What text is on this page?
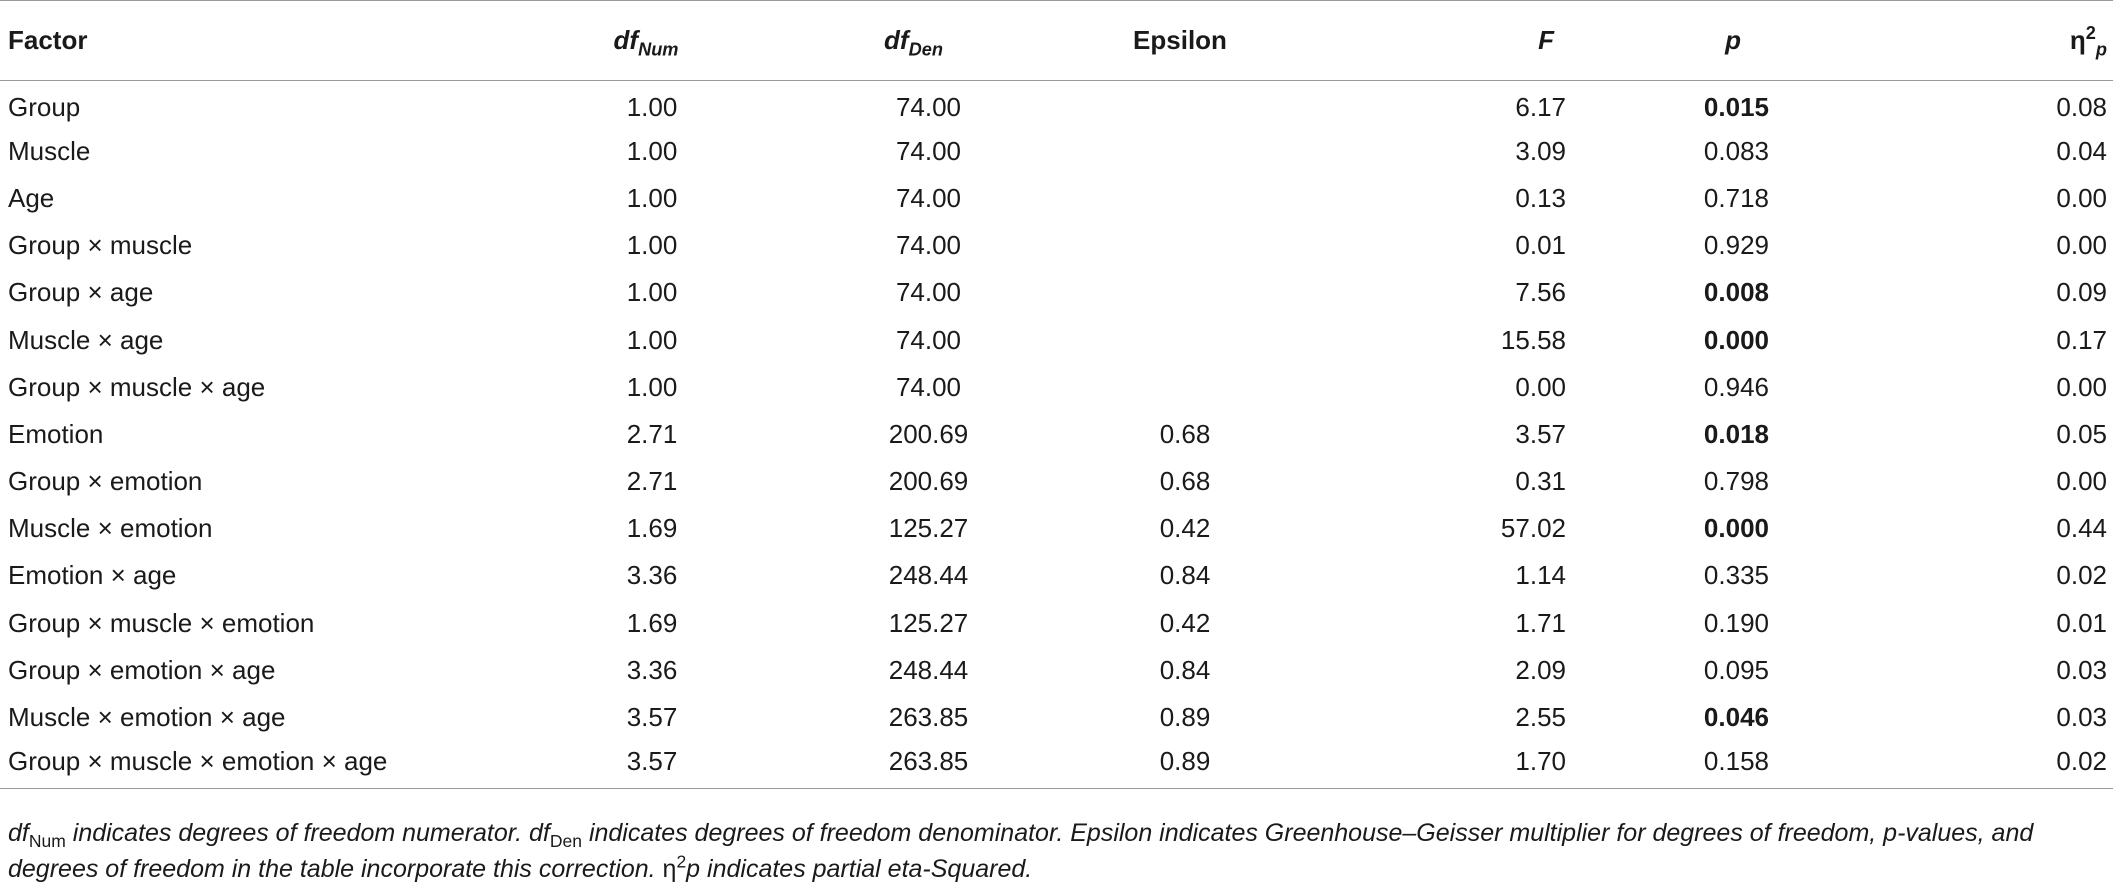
Factor	$df_{Num}$	$df_{Den}$	Epsilon	F	p	$\eta^2_p$
Group	1.00	74.00		6.17	0.015	0.08
Muscle	1.00	74.00		3.09	0.083	0.04
Age	1.00	74.00		0.13	0.718	0.00
Group × muscle	1.00	74.00		0.01	0.929	0.00
Group × age	1.00	74.00		7.56	0.008	0.09
Muscle × age	1.00	74.00		15.58	0.000	0.17
Group × muscle × age	1.00	74.00		0.00	0.946	0.00
Emotion	2.71	200.69	0.68	3.57	0.018	0.05
Group × emotion	2.71	200.69	0.68	0.31	0.798	0.00
Muscle × emotion	1.69	125.27	0.42	57.02	0.000	0.44
Emotion × age	3.36	248.44	0.84	1.14	0.335	0.02
Group × muscle × emotion	1.69	125.27	0.42	1.71	0.190	0.01
Group × emotion × age	3.36	248.44	0.84	2.09	0.095	0.03
Muscle × emotion × age	3.57	263.85	0.89	2.55	0.046	0.03
Group × muscle × emotion × age	3.57	263.85	0.89	1.70	0.158	0.02
$df_{Num}$ indicates degrees of freedom numerator. $df_{Den}$ indicates degrees of freedom denominator. Epsilon indicates Greenhouse–Geisser multiplier for degrees of freedom, p-values, and degrees of freedom in the table incorporate this correction. $\eta^2p$ indicates partial eta-Squared.
